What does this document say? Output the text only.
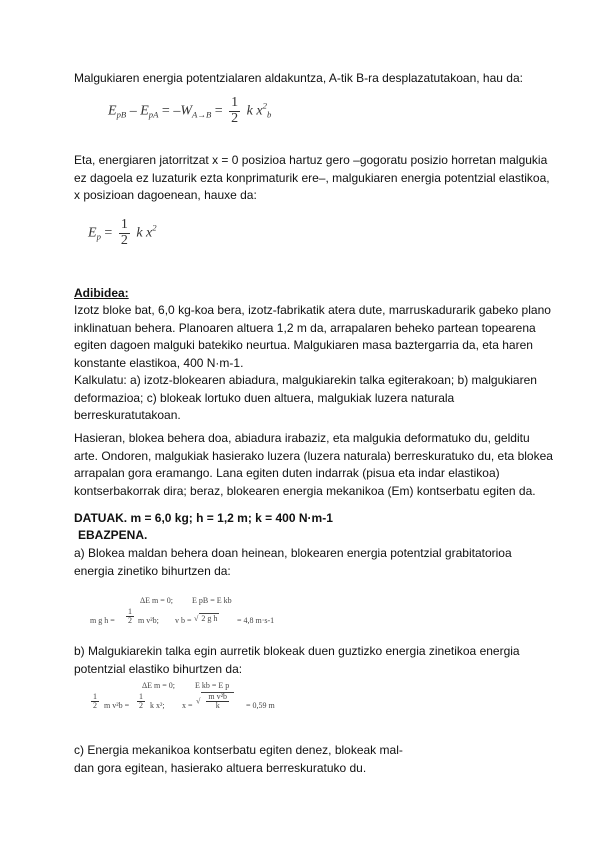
Malgukiaren energia potentzialaren aldakuntza, A-tik B-ra desplazatutakoan, hau da:

$E_{pB} - E_{pA} = -W_{A\to B} = \frac{1}{2}$ k $x^2_b$

Eta, energiaren jatorritzat x = 0 posizioa hartuz gero –gogoratu posizio horretan malgukia ez dagoela ez luzaturik ezta konprimaturik ere–, malgukiaren energia potentzial elastikoa, x posizioan dagoenean, hauxe da:

$E_p = \frac{1}{2}$ k $x^2$

Adibidea:

Izotz bloke bat, 6,0 kg-koa bera, izotz-fabrikatik atera dute, marruskadurarik gabeko plano inklinatuan behera. Planoaren altuera 1,2 m da, arrapalaren beheko partean topearena egiten dagoen malguki batekiko neurtua. Malgukiaren masa baztergarria da, eta haren konstante elastikoa, 400 N·m-1.

Kalkulatu: a) izotz-blokearen abiadura, malgukiarekin talka egiterakoan; b) malgukiaren deformazioa; c) blokeak lortuko duen altuera, malgukiak luzera naturala berreskuratutakoan.

Hasieran, blokea behera doa, abiadura irabaziz, eta malgukia deformatuko du, gelditu arte. Ondoren, malgukiak hasierako luzera (luzera naturala) berreskuratuko du, eta blokea arrapalan gora eramango. Lana egiten duten indarrak (pisua eta indar elastikoa) kontserbakorrak dira; beraz, blokearen energia mekanikoa (Em) kontserbatu egiten da.

DATUAK. m = 6,0 kg; h = 1,2 m; k = 400 N·m-1

EBAZPENA.

a) Blokea maldan behera doan heinean, blokearen energia potentzial grabitatorioa energia zinetiko bihurtzen da:

ΔE m = 0; E pB = E kb
m g $h = \frac{1}{2}$ m v²b; v b = √ 2 g h = 4,8 m·s-1

b) Malgukiarekin talka egin aurretik blokeak duen guztizko energia zinetikoa energia potentzial elastiko bihurtzen da:

ΔE m = 0;	E kb = E p
$\frac{1}{2}$ m $v^2b = \frac{1}{2}$ k x²; x = √ $\frac{\text{m v²b}}{k} = 0,59$ m

c) Energia mekanikoa kontserbatu egiten denez, blokeak mal-dan gora egitean, hasierako altuera berreskuratuko du.
